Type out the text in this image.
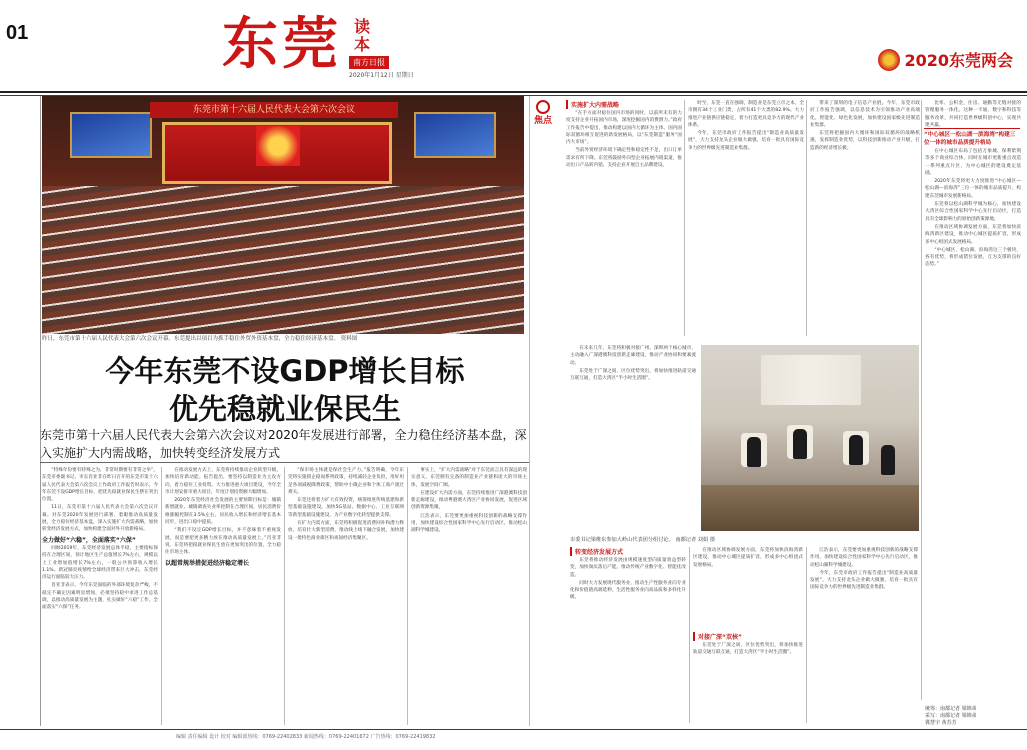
01	东莞 读本
南方日报
2020年1月12日 星期日
2020东莞两会
东莞市第十六届人民代表大会第六次会议
昨日，东莞市第十六届人民代表大会第六次会议开幕。东莞提出以项目为抓手稳住外贸外资基本盘，全力稳住经济基本盘。 资料图
今年东莞不设GDP增长目标
优先稳就业保民生
东莞市第十六届人民代表大会第六次会议对2020年发展进行部署，全力稳住经济基本盘，深入实施扩大内需战略，加快转变经济发展方式

“特殊年份要有特殊之为，非常时期要有非常之举”。东莞市委副书记、市长肖亚非在昨日召开的东莞市第十六届人民代表大会第六次会议上作政府工作报告时表示，今年东莞不设GDP增长目标，把优先稳就业保民生摆在突出位置。

11日，东莞市第十六届人民代表大会第六次会议开幕。对东莞2020年发展进行部署，着眼推动高质量发展，全力稳住经济基本盘，深入实施扩大内需战略，加快转变经济发展方式，加快构建全面对外开放新格局。

全力做好“六稳”，全面落实“六保”

回顾2019年，东莞经济发展总体平稳，主要指标保持在合理区间，预计地区生产总值增长7%左右，规模以上工业增加值增长7%左右，一般公共预算收入增长1.1%。新冠肺炎疫情给全球经济带来巨大冲击，东莞经济运行面临较大压力。

肖亚非表示，今年东莞面临的外部环境复杂严峻，不稳定不确定因素明显增加，必须坚持稳中求进工作总基调，以推动高质量发展为主题，扎实做好“六稳”工作，全面落实“六保”任务。

在推动发展方式上，东莞将持续推动企业转型升级，加快培育新动能。报告提出，要坚持以制造业为主攻方向，着力稳住工业投资。大力推进重大项目建设，今年全市计划安排市重大项目，年度计划投资额大幅增加。

2020年东莞经济社会发展的主要预期目标是：城镇新增就业、城镇调查失业率控制在合理区间，居民消费价格涨幅控制在3.5%左右，居民收入增长和经济增长基本同步，进出口稳中提质。

“我们不设定GDP增长目标，并不意味着不重视发展，而是要把更多精力放在推动高质量发展上。”肖亚非说，东莞将把稳就业保民生放在更加突出的位置，全力稳住市场主体。

以超常规举措促进经济稳定增长

“保市场主体就是保社会生产力。”报告明确，今年东莞将实施援企稳岗系列政策，持续减轻企业负担，用好用足各项减税降费政策，帮助中小微企业和个体工商户渡过难关。

东莞还将着力扩大有效投资，统筹推进传统基建和新型基础设施建设。加快5G基站、数据中心、工业互联网等新型基础设施建设，为产业数字化转型提供支撑。

在扩大内需方面，东莞将积极促进消费回补和潜力释放，培育壮大新型消费，推动线上线下融合发展，加快建设一批特色商业街区和夜间经济集聚区。

事实上，“扩大内需战略”对于东莞而言具有深远的现实意义，东莞拥有完备的制造业产业链和庞大的市场主体，发展空间广阔。

在建设扩大内需方面，东莞持续推进广深港澳科技创新走廊建设，推动粤港澳大湾区产业协同发展，促进区域创新资源集聚。

江浩表示，东莞要更加重视科技创新的战略支撑作用，加快建设综合性国家科学中心先行启动区，推动松山湖科学城建设。

焦点
实施扩大内需战略

“在手方面对稳住国内市场的同时，以前所未有的力度支持企业开拓国内市场，深度挖掘国内消费潜力。”政府工作报告中提出，推动构建以国内大循环为主体、国内国际双循环相互促进的新发展格局，以“东莞制造”服务“国内大市场”。

当前外贸经济环境下确定性和稳定性不足，出口订单需求有所下降。东莞将鼓励外向型企业拓展内销渠道，推动出口产品转内销，支持企业开展自主品牌建设。

时至，东莞一直在强调，制造业是东莞立市之本，全市拥有34个工业门类，占所有41个大类的82.9%。大力推进产业链供应链稳定，着力打造更具竞争力的现代产业体系。

今年，东莞市政府工作报告提出“制造业高质量发展”，大力支持龙头企业做大做强，培育一批具有国际竞争力的世界级先进制造业集群。

带来了深刻的电子信息产业链。今年，东莞市政府工作报告强调，以信息技术为引领推动产业高端化、智能化、绿色化发展，加快建设国家级先进制造业集群。

东莞将把握国内大循环和国际双循环的战略机遇，发挥制造业优势，以科技创新推动产业升级，打造新的经济增长极。

比率、公积金，住房、通勤等无缝对接的管理服务一体化。这种一卡通、数字和科技等服务改革，共同打造世界级科创中心，实现共建共赢。

“中心城区一松山湖一滨海湾”构建三位一体的城市品质提升格局

在中心城区布局了包括万象城、保利紫荆等多个商业综合体，同时在城市更新重点改造一系列重点片区，为中心城区的建设奠定基础。

2020年东莞将更大力度推进“中心城区—松山湖—滨海湾”三位一体的城市品质提升，构建东莞城市发展新格局。

东莞将以松山湖科学城为核心，加快建设大湾区综合性国家科学中心先行启动区，打造具有全球影响力的原始创新策源地。

在推动区域协调发展方面，东莞将加快滨海湾新区建设，推动中心城区提质扩容，形成多中心组团式发展格局。

“中心城区、松山湖、滨海湾这三个板块，各有优势，将形成错位发展、互为支撑的良好态势。”

在未来几年，东莞将积极对接广州、深圳两个核心城市，主动融入广深港澳科技创新走廊建设，推动产业协同和要素流动。

东莞处于广深之间，区位优势突出，将加快推进轨道交通互联互通，打造大湾区“半小时生活圈”。

市委书记梁维东参加大岭山代表团分组讨论。 南都记者 刘娟 摄
转变经济发展方式

东莞将推动经济发展由规模速度型向质量效益型转变，加快淘汰落后产能，推动传统产业数字化、智能化改造。

同时大力发展现代服务业，推动生产性服务业向专业化和价值链高端延伸，生活性服务业向高品质和多样化升级。

对接广深“双核”

在推动区域协调发展方面，东莞将加快滨海湾新区建设，推动中心城区提质扩容，形成多中心组团式发展格局。

东莞处于广深之间，区位优势突出，将加快推进轨道交通互联互通，打造大湾区“半小时生活圈”。

江浩表示，东莞要更加重视科技创新的战略支撑作用，加快建设综合性国家科学中心先行启动区，推动松山湖科学城建设。

今年，东莞市政府工作报告提出“制造业高质量发展”，大力支持龙头企业做大做强，培育一批具有国际竞争力的世界级先进制造业集群。

统筹：南都记者 梁锦弟
采写：南都记者 梁锦弟
冀慧宇 黄苏芳
编辑 责任编辑 设计 校对 编辑部热线：0769-22402833 新闻热线：0769-22401672 广告热线：0769-22419832
